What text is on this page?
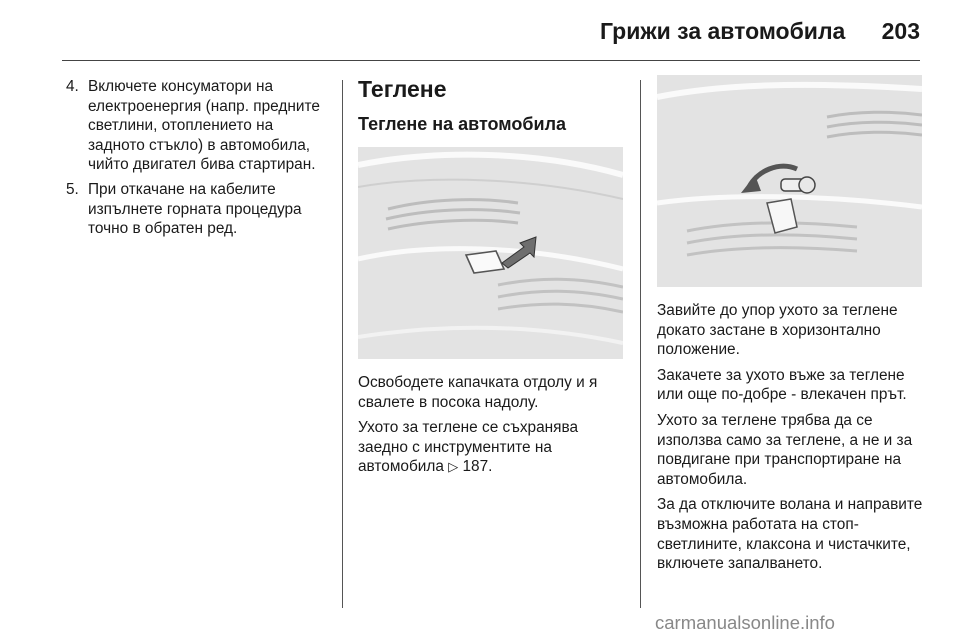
Грижи за автомобила	203
4. Включете консуматори на електроенергия (напр. предните светлини, отоплението на задното стъкло) в автомобила, чийто двигател бива стартиран.
5. При откачане на кабелите изпълнете горната процедура точно в обратен ред.
Теглене
Теглене на автомобила

Освободете капачката отдолу и я свалете в посока надолу.

Ухото за теглене се съхранява заедно с инструментите на автомобила ▷ 187.

Завийте до упор ухото за теглене докато застане в хоризонтално положение.

Закачете за ухото въже за теглене или още по-добре - влекачен прът.

Ухото за теглене трябва да се използва само за теглене, а не и за повдигане при транспортиране на автомобила.

За да отключите волана и направите възможна работата на стоп-светлините, клаксона и чистачките, включете запалването.

carmanualsonline.info
